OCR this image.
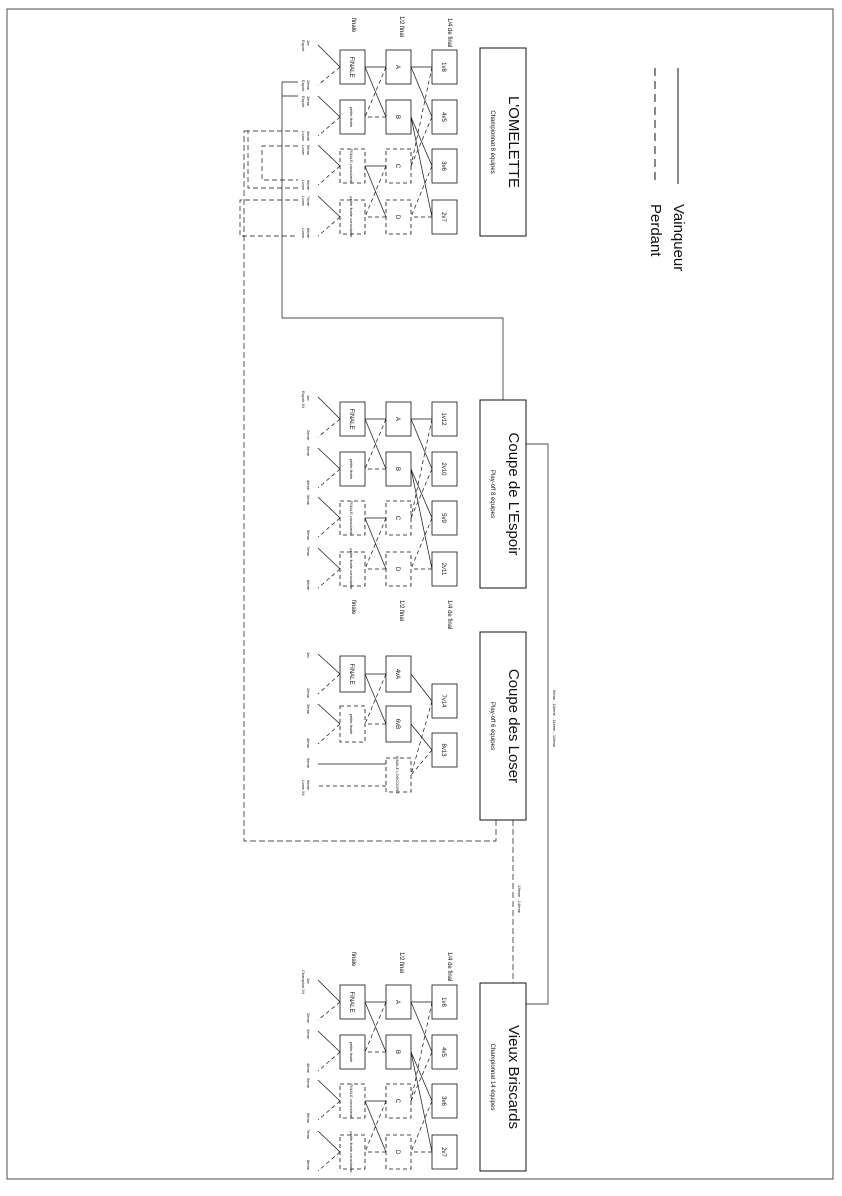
Vainqueur
Perdant
L'OMELETTE
Championnat 8 équipes
1/4 de final
1/2 final
finale
1v8
4v5
3v6
2v7
A
B
C
D
FINALE
petite finale
FINALE consolante
petite finale consolante
1er
Espoir
2ème
Espoir
3ème
Espoir
4ème
Loser
5ème
Loser
6ème
Loser
7ème
Loser
8ème
Loser
Coupe de L'Espoir
Play-off 8 équipes
1/4 de final
1/2 final
finale
1v12
2v10
5v9
2v11
A
B
C
D
FINALE
petite finale
FINALE consolante
petite finale consolante
1er
Espoir 94
2ème
3ème
4ème
5ème
6ème
7ème
8ème
Coupe des Loser
Play-off 6 équipes
7v14
8v13
4vA
6vB
FINALE
petite finale
FINALE LOSCOGRE
1er
2ème
3ème
4ème
5ème
6ème
Loser 94
Vieux Briscards
Championnat 14 équipes
1/4 de final
1/2 final
finale
1v8
4v5
3v6
2v7
A
B
C
D
FINALE
petite finale
FINALE consolante
petite finale consolante
1er
Champion 94
2ème
3ème
4ème
5ème
6ème
7ème
8ème
9ème - 10ème - 11ème - 12ème
13ème - 14ème
